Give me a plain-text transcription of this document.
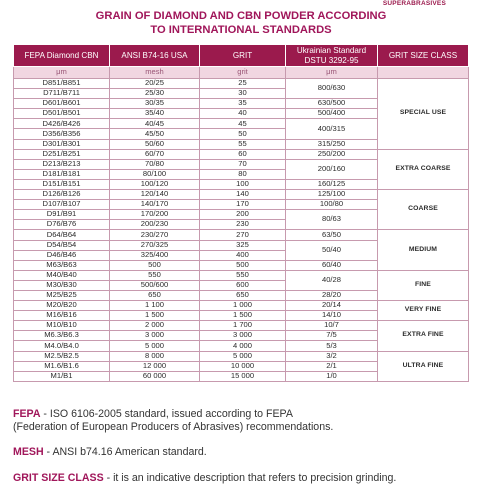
SUPERABRASIVES
GRAIN OF DIAMOND AND CBN POWDER ACCORDING
TO INTERNATIONAL STANDARDS
FEPA Diamond CBN	ANSI B74-16 USA	GRIT	Ukrainian Standard DSTU 3292-95	GRIT SIZE CLASS
μm	mesh	grit	μm	
D851/B851	20/25	25	800/630	SPECIAL USE
D711/B711	25/30	30		
D601/B601	30/35	35	630/500	
D501/B501	35/40	40	500/400	
D426/B426	40/45	45	400/315	
D356/B356	45/50	50		
D301/B301	50/60	55	315/250	
D251/B251	60/70	60	250/200	EXTRA COARSE
D213/B213	70/80	70	200/160	
D181/B181	80/100	80		
D151/B151	100/120	100	160/125	
D126/B126	120/140	140	125/100	COARSE
D107/B107	140/170	170	100/80	
D91/B91	170/200	200	80/63	
D76/B76	200/230	230		
D64/B64	230/270	270	63/50	MEDIUM
D54/B54	270/325	325	50/40	
D46/B46	325/400	400		
M63/B63	500	500	60/40	
M40/B40	550	550	40/28	FINE
M30/B30	500/600	600		
M25/B25	650	650	28/20	
M20/B20	1 100	1 000	20/14	VERY FINE
M16/B16	1 500	1 500	14/10	
M10/B10	2 000	1 700	10/7	EXTRA FINE
M6.3/B6.3	3 000	3 000	7/5	
M4.0/B4.0	5 000	4 000	5/3	
M2.5/B2.5	8 000	5 000	3/2	ULTRA FINE
M1.6/B1.6	12 000	10 000	2/1	
M1/B1	60 000	15 000	1/0	
FEPA - ISO 6106-2005 standard, issued according to FEPA
(Federation of European Producers of Abrasives) recommendations.
MESH - ANSI b74.16 American standard.
GRIT SIZE CLASS - it is an indicative description that refers to precision grinding.
